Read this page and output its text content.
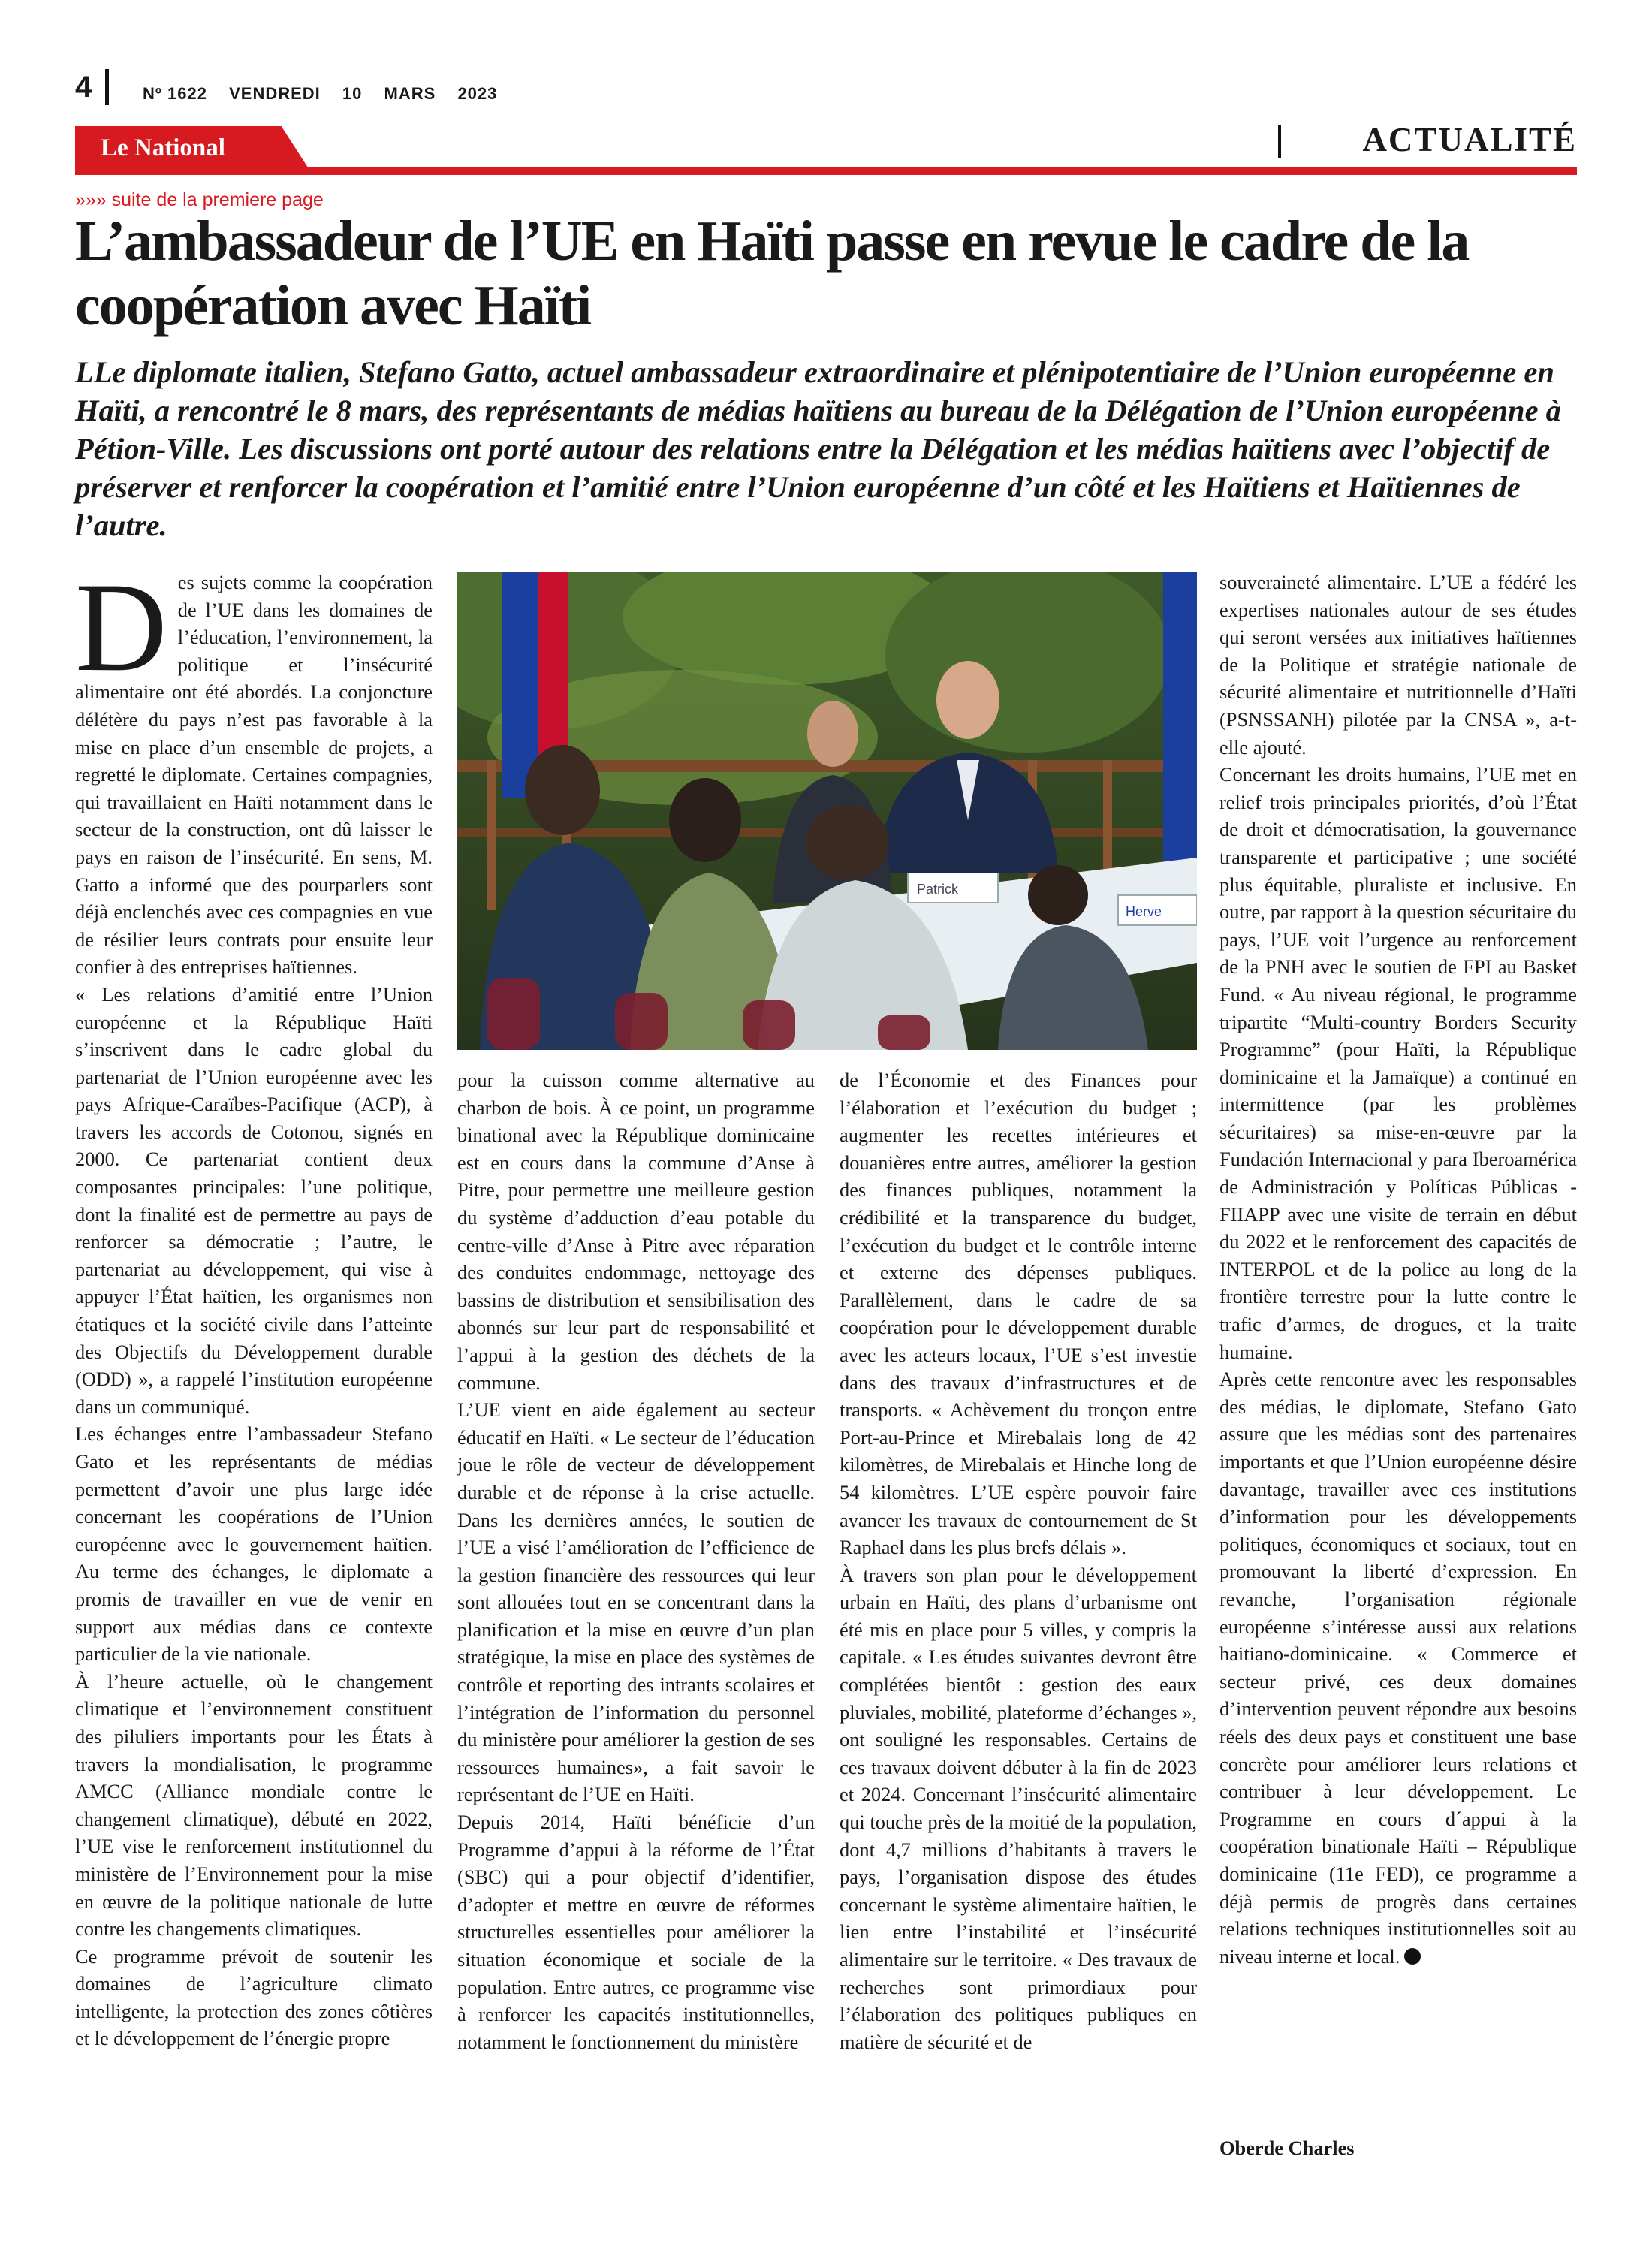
4	Nº 1622 VENDREDI 10 MARS 2023
Le National	ACTUALITÉ
»»» suite de la premiere page
L’ambassadeur de l’UE en Haïti passe en revue le cadre de la coopération avec Haïti
LLe diplomate italien, Stefano Gatto, actuel ambassadeur extraordinaire et plénipotentiaire de l’Union européenne en Haïti, a rencontré le 8 mars, des représentants de médias haïtiens au bureau de la Délégation de l’Union européenne à Pétion-Ville. Les discussions ont porté autour des relations entre la Délégation et les médias haïtiens avec l’objectif de préserver et renforcer la coopération et l’amitié entre l’Union européenne d’un côté et les Haïtiens et Haïtiennes de l’autre.
D es sujets comme la coopération de l’UE dans les domaines de l’éducation, l’environnement, la politique et l’insécurité alimentaire ont été abordés. La conjoncture délétère du pays n’est pas favorable à la mise en place d’un ensemble de projets, a regretté le diplomate. Certaines compagnies, qui travaillaient en Haïti notamment dans le secteur de la construction, ont dû laisser le pays en raison de l’insécurité. En sens, M. Gatto a informé que des pourparlers sont déjà enclenchés avec ces compagnies en vue de résilier leurs contrats pour ensuite leur confier à des entreprises haïtiennes.

« Les relations d’amitié entre l’Union européenne et la République Haïti s’inscrivent dans le cadre global du partenariat de l’Union européenne avec les pays Afrique-Caraïbes-Pacifique (ACP), à travers les accords de Cotonou, signés en 2000. Ce partenariat contient deux composantes principales: l’une politique, dont la finalité est de permettre au pays de renforcer sa démocratie ; l’autre, le partenariat au développement, qui vise à appuyer l’État haïtien, les organismes non étatiques et la société civile dans l’atteinte des Objectifs du Développement durable (ODD) », a rappelé l’institution européenne dans un communiqué.

Les échanges entre l’ambassadeur Stefano Gato et les représentants de médias permettent d’avoir une plus large idée concernant les coopérations de l’Union européenne avec le gouvernement haïtien. Au terme des échanges, le diplomate a promis de travailler en vue de venir en support aux médias dans ce contexte particulier de la vie nationale.

À l’heure actuelle, où le changement climatique et l’environnement constituent des piluliers importants pour les États à travers la mondialisation, le programme AMCC (Alliance mondiale contre le changement climatique), débuté en 2022, l’UE vise le renforcement institutionnel du ministère de l’Environnement pour la mise en œuvre de la politique nationale de lutte contre les changements climatiques.

Ce programme prévoit de soutenir les domaines de l’agriculture climato intelligente, la protection des zones côtières et le développement de l’énergie propre

Patrick
Herve

pour la cuisson comme alternative au charbon de bois. À ce point, un programme binational avec la République dominicaine est en cours dans la commune d’Anse à Pitre, pour permettre une meilleure gestion du système d’adduction d’eau potable du centre-ville d’Anse à Pitre avec réparation des conduites endommage, nettoyage des bassins de distribution et sensibilisation des abonnés sur leur part de responsabilité et l’appui à la gestion des déchets de la commune.

L’UE vient en aide également au secteur éducatif en Haïti. « Le secteur de l’éducation joue le rôle de vecteur de développement durable et de réponse à la crise actuelle. Dans les dernières années, le soutien de l’UE a visé l’amélioration de l’efficience de la gestion financière des ressources qui leur sont allouées tout en se concentrant dans la planification et la mise en œuvre d’un plan stratégique, la mise en place des systèmes de contrôle et reporting des intrants scolaires et l’intégration de l’information du personnel du ministère pour améliorer la gestion de ses ressources humaines», a fait savoir le représentant de l’UE en Haïti.

Depuis 2014, Haïti bénéficie d’un Programme d’appui à la réforme de l’État (SBC) qui a pour objectif d’identifier, d’adopter et mettre en œuvre de réformes structurelles essentielles pour améliorer la situation économique et sociale de la population. Entre autres, ce programme vise à renforcer les capacités institutionnelles, notamment le fonctionnement du ministère

de l’Économie et des Finances pour l’élaboration et l’exécution du budget ; augmenter les recettes intérieures et douanières entre autres, améliorer la gestion des finances publiques, notamment la crédibilité et la transparence du budget, l’exécution du budget et le contrôle interne et externe des dépenses publiques. Parallèlement, dans le cadre de sa coopération pour le développement durable avec les acteurs locaux, l’UE s’est investie dans des travaux d’infrastructures et de transports. « Achèvement du tronçon entre Port-au-Prince et Mirebalais long de 42 kilomètres, de Mirebalais et Hinche long de 54 kilomètres. L’UE espère pouvoir faire avancer les travaux de contournement de St Raphael dans les plus brefs délais ».

À travers son plan pour le développement urbain en Haïti, des plans d’urbanisme ont été mis en place pour 5 villes, y compris la capitale. « Les études suivantes devront être complétées bientôt : gestion des eaux pluviales, mobilité, plateforme d’échanges », ont souligné les responsables. Certains de ces travaux doivent débuter à la fin de 2023 et 2024. Concernant l’insécurité alimentaire qui touche près de la moitié de la population, dont 4,7 millions d’habitants à travers le pays, l’organisation dispose des études concernant le système alimentaire haïtien, le lien entre l’instabilité et l’insécurité alimentaire sur le territoire. « Des travaux de recherches sont primordiaux pour l’élaboration des politiques publiques en matière de sécurité et de

souveraineté alimentaire. L’UE a fédéré les expertises nationales autour de ses études qui seront versées aux initiatives haïtiennes de la Politique et stratégie nationale de sécurité alimentaire et nutritionnelle d’Haïti (PSNSSANH) pilotée par la CNSA », a-t-elle ajouté.

Concernant les droits humains, l’UE met en relief trois principales priorités, d’où l’État de droit et démocratisation, la gouvernance transparente et participative ; une société plus équitable, pluraliste et inclusive. En outre, par rapport à la question sécuritaire du pays, l’UE voit l’urgence au renforcement de la PNH avec le soutien de FPI au Basket Fund. « Au niveau régional, le programme tripartite “Multi-country Borders Security Programme” (pour Haïti, la République dominicaine et la Jamaïque) a continué en intermittence (par les problèmes sécuritaires) sa mise-en-œuvre par la Fundación Internacional y para Iberoamérica de Administración y Políticas Públicas - FIIAPP avec une visite de terrain en début du 2022 et le renforcement des capacités de INTERPOL et de la police au long de la frontière terrestre pour la lutte contre le trafic d’armes, de drogues, et la traite humaine.

Après cette rencontre avec les responsables des médias, le diplomate, Stefano Gato assure que les médias sont des partenaires importants et que l’Union européenne désire davantage, travailler avec ces institutions d’information pour les développements politiques, économiques et sociaux, tout en promouvant la liberté d’expression. En revanche, l’organisation régionale européenne s’intéresse aussi aux relations haitiano-dominicaine. « Commerce et secteur privé, ces deux domaines d’intervention peuvent répondre aux besoins réels des deux pays et constituent une base concrète pour améliorer leurs relations et contribuer à leur développement. Le Programme en cours d´appui à la coopération binationale Haïti – République dominicaine (11e FED), ce programme a déjà permis de progrès dans certaines relations techniques institutionnelles soit au niveau interne et local.

Oberde Charles
